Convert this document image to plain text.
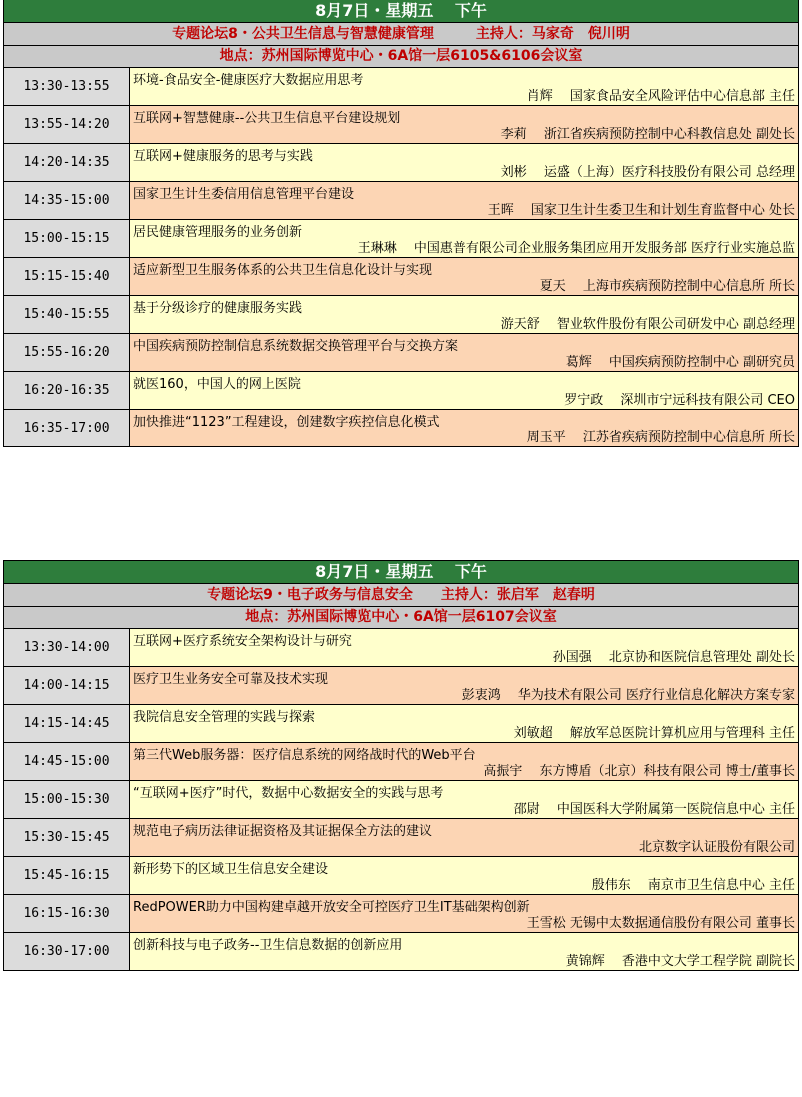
8月7日・星期五　 下午
专题论坛8・公共卫生信息与智慧健康管理　　　主持人：马家奇　倪川明
地点：苏州国际博览中心・6A馆一层6105&6106会议室
13:30-13:55	环境-食品安全-健康医疗大数据应用思考
肖辉　 国家食品安全风险评估中心信息部 主任
13:55-14:20	互联网+智慧健康--公共卫生信息平台建设规划
李莉　 浙江省疾病预防控制中心科教信息处 副处长
14:20-14:35	互联网+健康服务的思考与实践
刘彬　 运盛（上海）医疗科技股份有限公司 总经理
14:35-15:00	国家卫生计生委信用信息管理平台建设
王晖　 国家卫生计生委卫生和计划生育监督中心 处长
15:00-15:15	居民健康管理服务的业务创新
王琳琳　 中国惠普有限公司企业服务集团应用开发服务部 医疗行业实施总监
15:15-15:40	适应新型卫生服务体系的公共卫生信息化设计与实现
夏天　 上海市疾病预防控制中心信息所 所长
15:40-15:55	基于分级诊疗的健康服务实践
游天舒　 智业软件股份有限公司研发中心 副总经理
15:55-16:20	中国疾病预防控制信息系统数据交换管理平台与交换方案
葛辉　 中国疾病预防控制中心 副研究员
16:20-16:35	就医160，中国人的网上医院
罗宁政　 深圳市宁远科技有限公司 CEO
16:35-17:00	加快推进“1123”工程建设，创建数字疾控信息化模式
周玉平　 江苏省疾病预防控制中心信息所 所长
8月7日・星期五　 下午
专题论坛9・电子政务与信息安全　　主持人：张启军　赵春明
地点：苏州国际博览中心・6A馆一层6107会议室
13:30-14:00	互联网+医疗系统安全架构设计与研究
孙国强　 北京协和医院信息管理处 副处长
14:00-14:15	医疗卫生业务安全可靠及技术实现
彭衷鸿　 华为技术有限公司 医疗行业信息化解决方案专家
14:15-14:45	我院信息安全管理的实践与探索
刘敏超　 解放军总医院计算机应用与管理科 主任
14:45-15:00	第三代Web服务器：医疗信息系统的网络战时代的Web平台
高振宇　 东方博盾（北京）科技有限公司 博士/董事长
15:00-15:30	“互联网+医疗”时代，数据中心数据安全的实践与思考
邵尉　 中国医科大学附属第一医院信息中心 主任
15:30-15:45	规范电子病历法律证据资格及其证据保全方法的建议
北京数字认证股份有限公司
15:45-16:15	新形势下的区域卫生信息安全建设
殷伟东　 南京市卫生信息中心 主任
16:15-16:30	RedPOWER助力中国构建卓越开放安全可控医疗卫生IT基础架构创新
王雪松 无锡中太数据通信股份有限公司 董事长
16:30-17:00	创新科技与电子政务--卫生信息数据的创新应用
黄锦辉　 香港中文大学工程学院 副院长
